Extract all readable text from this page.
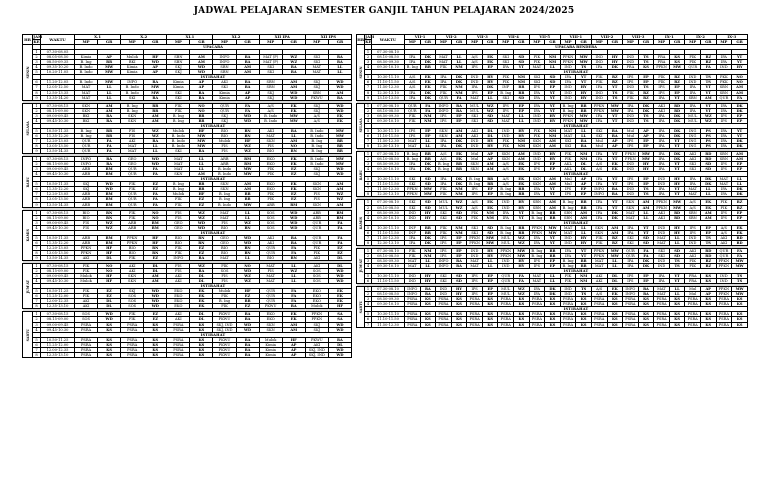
JADWAL PELAJARAN SEMESTER GANJIL TAHUN PELAJARAN 2024/2025
HR	JAM	WAKTU	X.1		X.2		XI.1		XI.2		XII IPA		XII IPS	
	KE		MP	GR	MP	GR	MP	GR	MP	GR	MP	GR	MP	GR
SENIN			UPACARA											
	1	07.30-08.05												
	2	08.05-08.50	Kimia	AP	Mulok	HF	SBN	AM	INFO	RA	MAT (P)	WZ	SKI	RA
	3	08.50-09.35	B. Ing	RR	BKI	WD	SBN	AM	INFO	RA	MAT (P)	WZ	SKI	RA
	4	09.35-10.20	B. Indo	MW	Kimia	AP	SKJ	WD	SBN	AM	SKI	RA	MAT	LL
	5	10.20-11.05	B. Indo	MW	Kimia	AP	SKJ	WD	SBN	AM	SKI	RA	MAT	LL
			ISTIRAHAT											
	6	11.20-12.05	B. Indo	MW	INFO	RA	Kimia	AP	AKI	RA	SBN	AM	SKJ	WD
	7	12.05-12.50	MAT	LL	B. Indo	MW	Kimia	AP	SKI	RA	SBN	AM	SKJ	WD
	8	12.50-13.35	MAT	LL	B. Indo	MW	SKI	RA	Kimia	AP	SKJ	WD	SBN	AM
	9	13.35-14.20	MAT	LL	SKI	RA	SKI	RA	Kimia	AP	SKJ	WD	PKWU	RA

SELASA	1	07.30-08.15	SKN	AM	B. Ing	RR	FIK	NO	QUR	FA	A/S	EK	SKJ	WD
	2	08.15-09.00	SKN	AM	B. Ing	RR	FIK	NO	QUR	FA	A/S	EK	SKJ	WD
	3	09.00-09.45	BKI	RA	SKN	AM	B. Ing	RR	SKJ	WD	B. Indo	MW	A/S	EK
	4	09.45-10.30	BKI	RA	SKN	AM	B. Ing	RR	SKJ	WD	B. Indo	MW	A/S	EK
			ISTIRAHAT											
	5	10.50-11.35	B. Ing	RR	FIS	WZ	Mulok	HF	BIO	RN	AKI	RA	B. Indo	MW
	6	11.35-12.20	B. Ing	RR	FIS	WZ	B. Indo	MW	BIO	RN	MAT	LL	B. Indo	MW
	7	12.20-13.05	QUR	FA	AKI	RA	B. Indo	MW	Mulok	HF	SKN	AM	B. Ing	RR
	8	13.05-13.50	QUR	FA	MAT	LL	B. Indo	MW	FIS	WZ	FIS	NO	B. Ing	RR
	9	13.50-14.35	QUR	FA	MAT	LL	SKI	RA	FIS	WZ	BIO	RN	B. Ing	RR

RABU	1	07.30-08.15	INFO	RA	GEO	WD	MAT	LL	ARB	RM	EKO	EK	B. Indo	MW
	2	08.15-09.00	INFO	RA	GEO	WD	MAT	LL	ARB	RM	EKO	EK	B. Indo	MW
	3	09.00-09.45	ARB	RM	QUR	FA	MAT	LL	B. Indo	MW	FIK	EZ	SKJ	WD
	4	09.45-10.30	ARB	RM	QUR	FA	SKN	AM	B. Indo	MW	FIK	EZ	SKJ	WD
			ISTIRAHAT											
	5	10.50-11.35	SKJ	WD	FIK	EZ	B. Ing	RR	SKN	AM	EKO	EK	SKN	AM
	6	11.35-12.20	SKJ	WD	FIK	EZ	B. Ing	RR	SKN	AM	EKO	EK	SKN	AM
	7	12.20-13.05	ARB	RM	QUR	FA	Mulok	HF	B. Ing	RR	FIK	EZ	FIS	WZ
	8	13.05-13.50	ARB	RM	QUR	FA	FIK	EZ	B. Ing	RR	FIK	EZ	FIS	WZ
	9	13.50-14.35	ARB	RM	QUR	FA	FIK	EZ	B. Indo	MW	ARB	RM	SKN	AM

KAMIS	1	07.30-08.15	BIO	RN	FIK	NO	FIS	WZ	MAT	LL	SOS	WD	ARB	RM
	2	08.15-09.00	BIO	RN	FIK	NO	FIS	WZ	MAT	LL	SOS	WD	ARB	RM
	3	09.00-09.45	FIS	WZ	ARB	RM	GEO	WD	FIS	WZ	SOS	WD	QUR	FA
	4	09.45-10.30	FIS	WZ	ARB	RM	GEO	WD	BIO	RN	SOS	WD	QUR	FA
			ISTIRAHAT											
	5	10.50-11.35	ARB	RM	PPKN	HF	BIO	RN	GEO	WD	AKI	RA	QUR	FA
	6	11.35-12.20	ARB	RM	PPKN	HF	BIO	RN	GEO	WD	AKI	RA	QUR	FA
	7	12.20-13.05	PPKN	HF	BIO	RN	FIK	EZ	BIO	RN	QUR	FA	FIK	EZ
	8	13.05-13.50	PPKN	HF	BIO	RN	FIK	EZ	BIO	RN	QUR	FA	FIK	EZ
	9	13.50-14.35	AKI	DL	FIK	EZ	INFO	RA	MAT	LL	BIO	RN	AKI	DL

JUM'AT	1	07.30-08.15	FIK	NO	AKI	DL	FIS	WZ	FIK	NO	MAT	LL	AKI	DL
	2	08.15-09.00	FIK	NO	AKI	DL	FIS	RA	SOS	WD	FIS	WZ	SOS	WD
	3	09.00-09.45	Mulok	HF	SKN	AM	AKI	DL	FIS	WZ	MAT	LL	SOS	WD
	4	09.45-10.30	Mulok	HF	SKN	AM	AKI	DL	FIS	WZ	MAT	LL	SOS	WD
			ISTIRAHAT											
	5	10.50-11.25	FIK	EZ	SKJ	WD	EKO	EK	Mulok	HF	QUR	FA	EKO	EK
	6	11.25-12.00	FIK	EZ	SOS	WD	EKO	EK	FIK	EZ	QUR	FA	EKO	EK
	7	12.00-12.35	AKI	DL	SOS	WD	EKO	EK	B. Ing	RR	QUR	FA	EKO	EK
	8	12.35-13.10	AKI	DL	SOS	WD	EKO	EK	FIK	EZ	PKWU	RA	Mulok	HF

SABTU	1	07.30-08.15	SOS	WD	FIK	EZ	AKI	DL	PKWU	RA	EKO	EK	PPKN	SA
	2	08.15-09.00	SOS	WD	FIK	EZ	AKI	DL	PKWU	RA	EKO	EK	PPKN	SA
	3	09.00-09.45	PSRA	KS	PSRA	KS	PSRA	KS	SKJ, IND	WD	SKN	AM	SKJ	WD
	4	09.45-10.30	PSRA	KS	PSRA	KS	PSRA	KS	SKJ, IND	WD	SKN	AM	SKJ	WD
			ISTIRAHAT											
	5	10.50-11.25	PSRA	KS	PSRA	KS	PSRA	KS	PKWU	RA	Mulok	HF	PKWU	RA
	6	11.25-12.00	PSRA	KS	PSRA	KS	PSRA	KS	PKWU	RA	Kimia	AP	AKI	DL
	7	12.00-12.35	PSRA	KS	PSRA	KS	PSRA	KS	PKWU	RA	Kimia	AP	SKJ, IND	WD
	8	12.35-13.10	PSRA	KS	PSRA	KS	PSRA	KS	PKWU	RA	Kimia	AP	SKJ, IND	WD
HR	JAM	WAKTU	VII-1		VII-2		VII-3		VII-4		VII-5		VIII-1		VIII-2		VIII-3		IX-1		IX-2		IX-3	
	KE		MP	GR	MP	GR	MP	GR	MP	GR	MP	GR	MP	GR	MP	GR	MP	GR	MP	GR	MP	GR	MP	GR
SENIN			UPACARA BENDERA																					
	1	07.30-08.10																						
	2	08.10-08.50	IPA	DK	MAT	LL	A/S	EK	SKI	SD	FIK	NM	PPKN	MW	IND	HY	IND	TS	PRA	KS	FIK	RZ	IPA	YT
	3	08.50-09.30	IPA	DK	MAT	LL	A/S	EK	SKI	SD	FIK	NM	PPKN	MW	IND	HY	IND	TS	PRA	KS	FIK	RZ	IPA	YT
	4	09.30-10.10	B. Ing	RR	FIK	NM	IPS	EP	IPA	YT	MAT	LL	IND	TS	IPA	DK	PRA	KS	PPKN	MW	QUR	FA	IND	HY
			ISTIRAHAT																					
	5	10.30-11.10	A/S	EK	IPA	DK	IND	HY	FIK	NM	SKI	SD	IPA	YT	FIK	RZ	IPS	EP	FIK	RZ	IND	TS	PKK	NO
	6	11.10-11.50	A/S	EK	IPA	DK	IND	HY	FIK	NM	SKI	SD	IPA	YT	FIK	RZ	IPS	EP	FIK	RZ	IND	TS	PKK	NO
	7	11.50-12.30	A/S	EK	FIK	NM	IPA	DK	INF	RR	IPS	EP	IND	HY	IPA	YT	IND	TS	IPS	EP	IPA	YT	SBN	AM
	8	12.30-13.10	IPA	DK	FIK	NM	IPS	EP	B. Ing	RR	IPA	YT	IND	HY	IND	TS	FIK	RZ	IPS	EP	IPA	YT	SBN	AM
	9	13.10-13.50	IPA	DK	QUR	FA	MAT	LL	SKI	SD	IPA	YT	IND	HY	IND	TS	FIK	RZ	IPA	YT	SBN	AM	QUR	FA

SELASA	1	07.30-08.10	QUR	FA	INFO	RA	MUL	WZ	IPS	EP	IPA	YT	B. Ing	RR	PPKN	MW	IPA	DK	AKI	RD	IPA	YT	IPA	DK
	2	08.10-08.50	QUR	FA	INFO	RA	MUL	WZ	IPS	EP	IPA	YT	B. Ing	RR	PPKN	MW	IPA	DK	AKI	RD	IPA	YT	IPA	DK
	3	08.50-09.30	FIK	NM	IPS	EP	SKI	SD	MAT	LL	IND	HY	PPKN	MW	IPA	YT	IND	TS	IPA	DK	MUL	WZ	IPS	EP
	4	09.30-10.10	FIK	NM	IPS	EP	SKI	SD	MAT	LL	IND	HY	PPKN	MW	IPA	YT	IND	TS	IPA	DK	MUL	WZ	IPS	EP
			ISTIRAHAT																					
	5	10.30-11.10	IPS	EP	SKN	AM	AKI	DL	IND	HY	FIK	NM	MAT	LL	SKI	RA	Mul	AP	IPA	DK	ING	PS	IPA	YT
	6	11.10-11.50	IPS	EP	SKN	AM	AKI	DL	IND	HY	FIK	NM	MAT	LL	SKI	RA	Mul	AP	IPA	DK	ING	PS	IPA	YT
	7	11.50-12.30	MAT	LL	IPA	DK	IND	HY	FIK	NM	SKN	AM	SKI	RA	Mul	AP	IPS	EP	IPA	YT	ING	PS	IPA	DK
	8	12.30-13.10	MAT	LL	IPA	DK	IND	HY	FIK	NM	SKN	AM	SKI	RA	Mul	AP	IPS	EP	IPA	YT	ING	PS	IPA	DK

RABU	1	07.30-08.10	B. Ing	RR	A/S	EK	Mul	AP	SKN	AM	IND	HY	FIK	NM	IPA	YT	PPKN	MW	IPA	DK	AKI	RD	SBN	AM
	2	08.10-08.50	B. Ing	RR	A/S	EK	Mul	AP	SKN	AM	IND	HY	FIK	NM	IPA	YT	PPKN	MW	IPA	DK	AKI	RD	SBN	AM
	3	08.50-09.30	IPA	DK	B. Ing	RR	SKN	AM	A/S	EK	IPS	EP	AKL	DL	A/S	EK	IND	HY	IPA	YT	SKI	SD	IPS	EP
	4	09.30-10.10	IPA	DK	B. Ing	RR	SKN	AM	A/S	EK	IPS	EP	AKL	DL	A/S	EK	IND	HY	IPA	YT	SKI	SD	IPS	EP
			ISTIRAHAT																					
	5	10.30-11.10	SKI	SD	IPA	DK	B. Ing	RR	A/S	EK	SKN	AM	Mul	AP	IPA	YT	IPS	EP	IND	HY	IPA	DK	MAT	LL
	6	11.10-11.50	SKI	SD	IPA	DK	B. Ing	RR	A/S	EK	SKN	AM	Mul	AP	IPA	YT	IPS	EP	IND	HY	IPA	DK	MAT	LL
	7	11.50-12.30	PPKN	MW	FIK	NM	IPS	EP	B. Ing	RR	IPA	YT	IPS	EP	INFO	RA	IND	TS	IPA	YT	MAT	LL	IPA	DK
	8	12.30-13.10	PPKN	MW	FIK	NM	IPS	EP	B. Ing	RR	IPA	YT	IPS	EP	INFO	RA	IND	TS	IPA	YT	MAT	LL	IPA	DK

KAMIS	1	07.30-08.10	SKI	SD	MUL	WZ	A/S	EK	IND	HY	SBN	AM	B. Ing	RR	IPA	YT	SKN	AM	PPKN	MW	A/S	EK	FIK	RZ
	2	08.10-08.50	SKI	SD	MUL	WZ	A/S	EK	IND	HY	SBN	AM	B. Ing	RR	IPA	YT	SKN	AM	PPKN	MW	A/S	EK	FIK	RZ
	3	08.50-09.30	IND	HY	SKI	SD	FIK	NM	IPA	YT	B. Ing	RR	SBN	AM	IPA	DK	MAT	LL	AKI	RD	SBN	AM	IPS	EP
	4	09.30-10.10	IND	HY	SKI	SD	FIK	NM	IPA	YT	B. Ing	RR	SBN	AM	IPA	DK	MAT	LL	AKI	RD	SBN	AM	IPS	EP
			ISTIRAHAT																					
	5	10.30-11.10	INF	RR	FIK	NM	SKI	SD	B. Ing	RR	PPKN	MW	MAT	LL	SKN	AM	IPA	YT	IND	HY	IPS	EP	A/S	EK
	6	11.10-11.50	INF	RR	FIK	NM	SKI	SD	B. Ing	RR	PPKN	MW	MAT	LL	SKN	AM	IPA	YT	IND	HY	IPS	EP	A/S	EK
	7	11.50-12.30	IPA	DK	IPS	EP	PPKN	MW	MUL	WZ	IPA	YT	IND	HY	FIK	RZ	SKI	SD	MAT	LL	IND	TS	AKI	RD
	8	12.30-13.10	IPA	DK	IPS	EP	PPKN	MW	MUL	WZ	IPA	YT	IND	HY	FIK	RZ	SKI	SD	MAT	LL	IND	TS	AKI	RD

JUM'AT	1	07.30-08.10	FIK	NM	IPS	EP	IND	HY	PPKN	MW	B. Ing	RR	IPA	YT	PPKN	MW	QUR	FA	SKI	SD	AKI	RD	QUR	FA
	2	08.10-08.50	FIK	NM	IPS	EP	IND	HY	PPKN	MW	B. Ing	RR	IPA	YT	PPKN	MW	QUR	FA	SKI	SD	AKI	RD	QUR	FA
	3	08.50-09.30	MAT	LL	INFO	RA	MAT	LL	IND	HY	IPS	EP	B. Ing	RR	MAT	LL	IPA	DK	IND	TS	FIK	RZ	PPKN	MW
	4	09.30-10.10	MAT	LL	INFO	RA	MAT	LL	IND	HY	IPS	EP	B. Ing	RR	MAT	LL	IPA	DK	IND	TS	FIK	RZ	PPKN	MW
			ISTIRAHAT																					
	5	10.30-11.10	IND	HY	SKI	SD	IPS	EP	QUR	FA	MAT	LL	FIK	NM	AKI	DL	IPS	EP	IPA	YT	PRA	KS	IND	TS
	6	11.10-11.50	IND	HY	SKI	SD	IPS	EP	QUR	FA	MAT	LL	FIK	NM	AKI	DL	IPS	EP	IPA	YT	PRA	KS	IND	TS

SABTU	1	07.30-08.10	INFO	RA	IND	HY	IPS	EP	MUL	WZ	IPA	DK	IND	TS	A/S	EK	INFO	RA	MAT	LL	Mul	AP	PPKN	MW
	2	08.10-08.50	INFO	RA	IND	HY	IPS	EP	MUL	WZ	IPA	DK	IND	TS	A/S	EK	INFO	RA	MAT	LL	Mul	AP	PPKN	MW
	3	08.50-09.30	PSRA	KS	PSRA	KS	PSRA	KS	PSRA	KS	PSRA	KS	PSRA	KS	PSRA	KS	PSRA	KS	PSRA	KS	PSRA	KS	PSRA	KS
	4	09.30-10.10	PSRA	KS	PSRA	KS	PSRA	KS	PSRA	KS	PSRA	KS	PSRA	KS	PSRA	KS	PSRA	KS	PSRA	KS	PSRA	KS	PSRA	KS
			ISTIRAHAT																					
	5	10.30-11.10	PSRA	KS	PSRA	KS	PSRA	KS	PSRA	KS	PSRA	KS	PSRA	KS	PSRA	KS	PSRA	KS	PSRA	KS	PSRA	KS	PSRA	KS
	6	11.10-11.50	PSRA	KS	PSRA	KS	PSRA	KS	PSRA	KS	PSRA	KS	PSRA	KS	PSRA	KS	PSRA	KS	PSRA	KS	PSRA	KS	PSRA	KS
	7	11.50-12.30	PSRA	KS	PSRA	KS	PSRA	KS	PSRA	KS	PSRA	KS	PSRA	KS	PSRA	KS	PSRA	KS	PSRA	KS	PSRA	KS	PSRA	KS
